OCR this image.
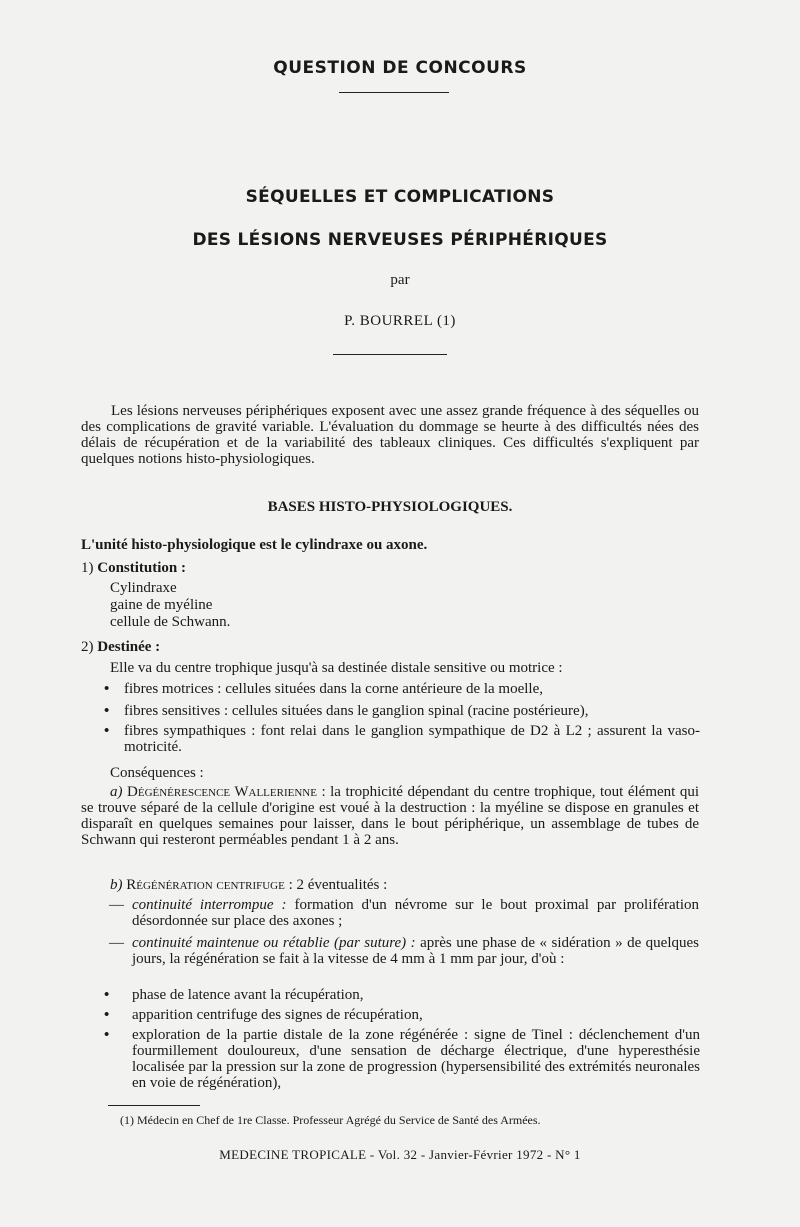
QUESTION DE CONCOURS
SÉQUELLES ET COMPLICATIONS
DES LÉSIONS NERVEUSES PÉRIPHÉRIQUES
par
P. BOURREL (1)
Les lésions nerveuses périphériques exposent avec une assez grande fréquence à des séquelles ou des complications de gravité variable. L'évaluation du dommage se heurte à des difficultés nées des délais de récupération et de la variabilité des tableaux cliniques. Ces difficultés s'expliquent par quelques notions histo-physiologiques.
BASES HISTO-PHYSIOLOGIQUES.
L'unité histo-physiologique est le cylindraxe ou axone.
1) Constitution :
Cylindraxe
gaine de myéline
cellule de Schwann.
2) Destinée :
Elle va du centre trophique jusqu'à sa destinée distale sensitive ou motrice :
• fibres motrices : cellules situées dans la corne antérieure de la moelle,
• fibres sensitives : cellules situées dans le ganglion spinal (racine postérieure),
• fibres sympathiques : font relai dans le ganglion sympathique de D2 à L2 ; assurent la vaso-motricité.
Conséquences :
a) Dégénérescence Wallerienne : la trophicité dépendant du centre trophique, tout élément qui se trouve séparé de la cellule d'origine est voué à la destruction : la myéline se dispose en granules et disparaît en quelques semaines pour laisser, dans le bout périphérique, un assemblage de tubes de Schwann qui resteront perméables pendant 1 à 2 ans.
b) Régénération centrifuge : 2 éventualités :
— continuité interrompue : formation d'un névrome sur le bout proximal par prolifération désordonnée sur place des axones ;
— continuité maintenue ou rétablie (par suture) : après une phase de « sidération » de quelques jours, la régénération se fait à la vitesse de 4 mm à 1 mm par jour, d'où :
•	phase de latence avant la récupération,
•	apparition centrifuge des signes de récupération,
•	exploration de la partie distale de la zone régénérée : signe de Tinel : déclenchement d'un fourmillement douloureux, d'une sensation de décharge électrique, d'une hyperesthésie localisée par la pression sur la zone de progression (hypersensibilité des extrémités neuronales en voie de régénération),
(1) Médecin en Chef de 1re Classe. Professeur Agrégé du Service de Santé des Armées.
MEDECINE TROPICALE - Vol. 32 - Janvier-Février 1972 - N° 1
